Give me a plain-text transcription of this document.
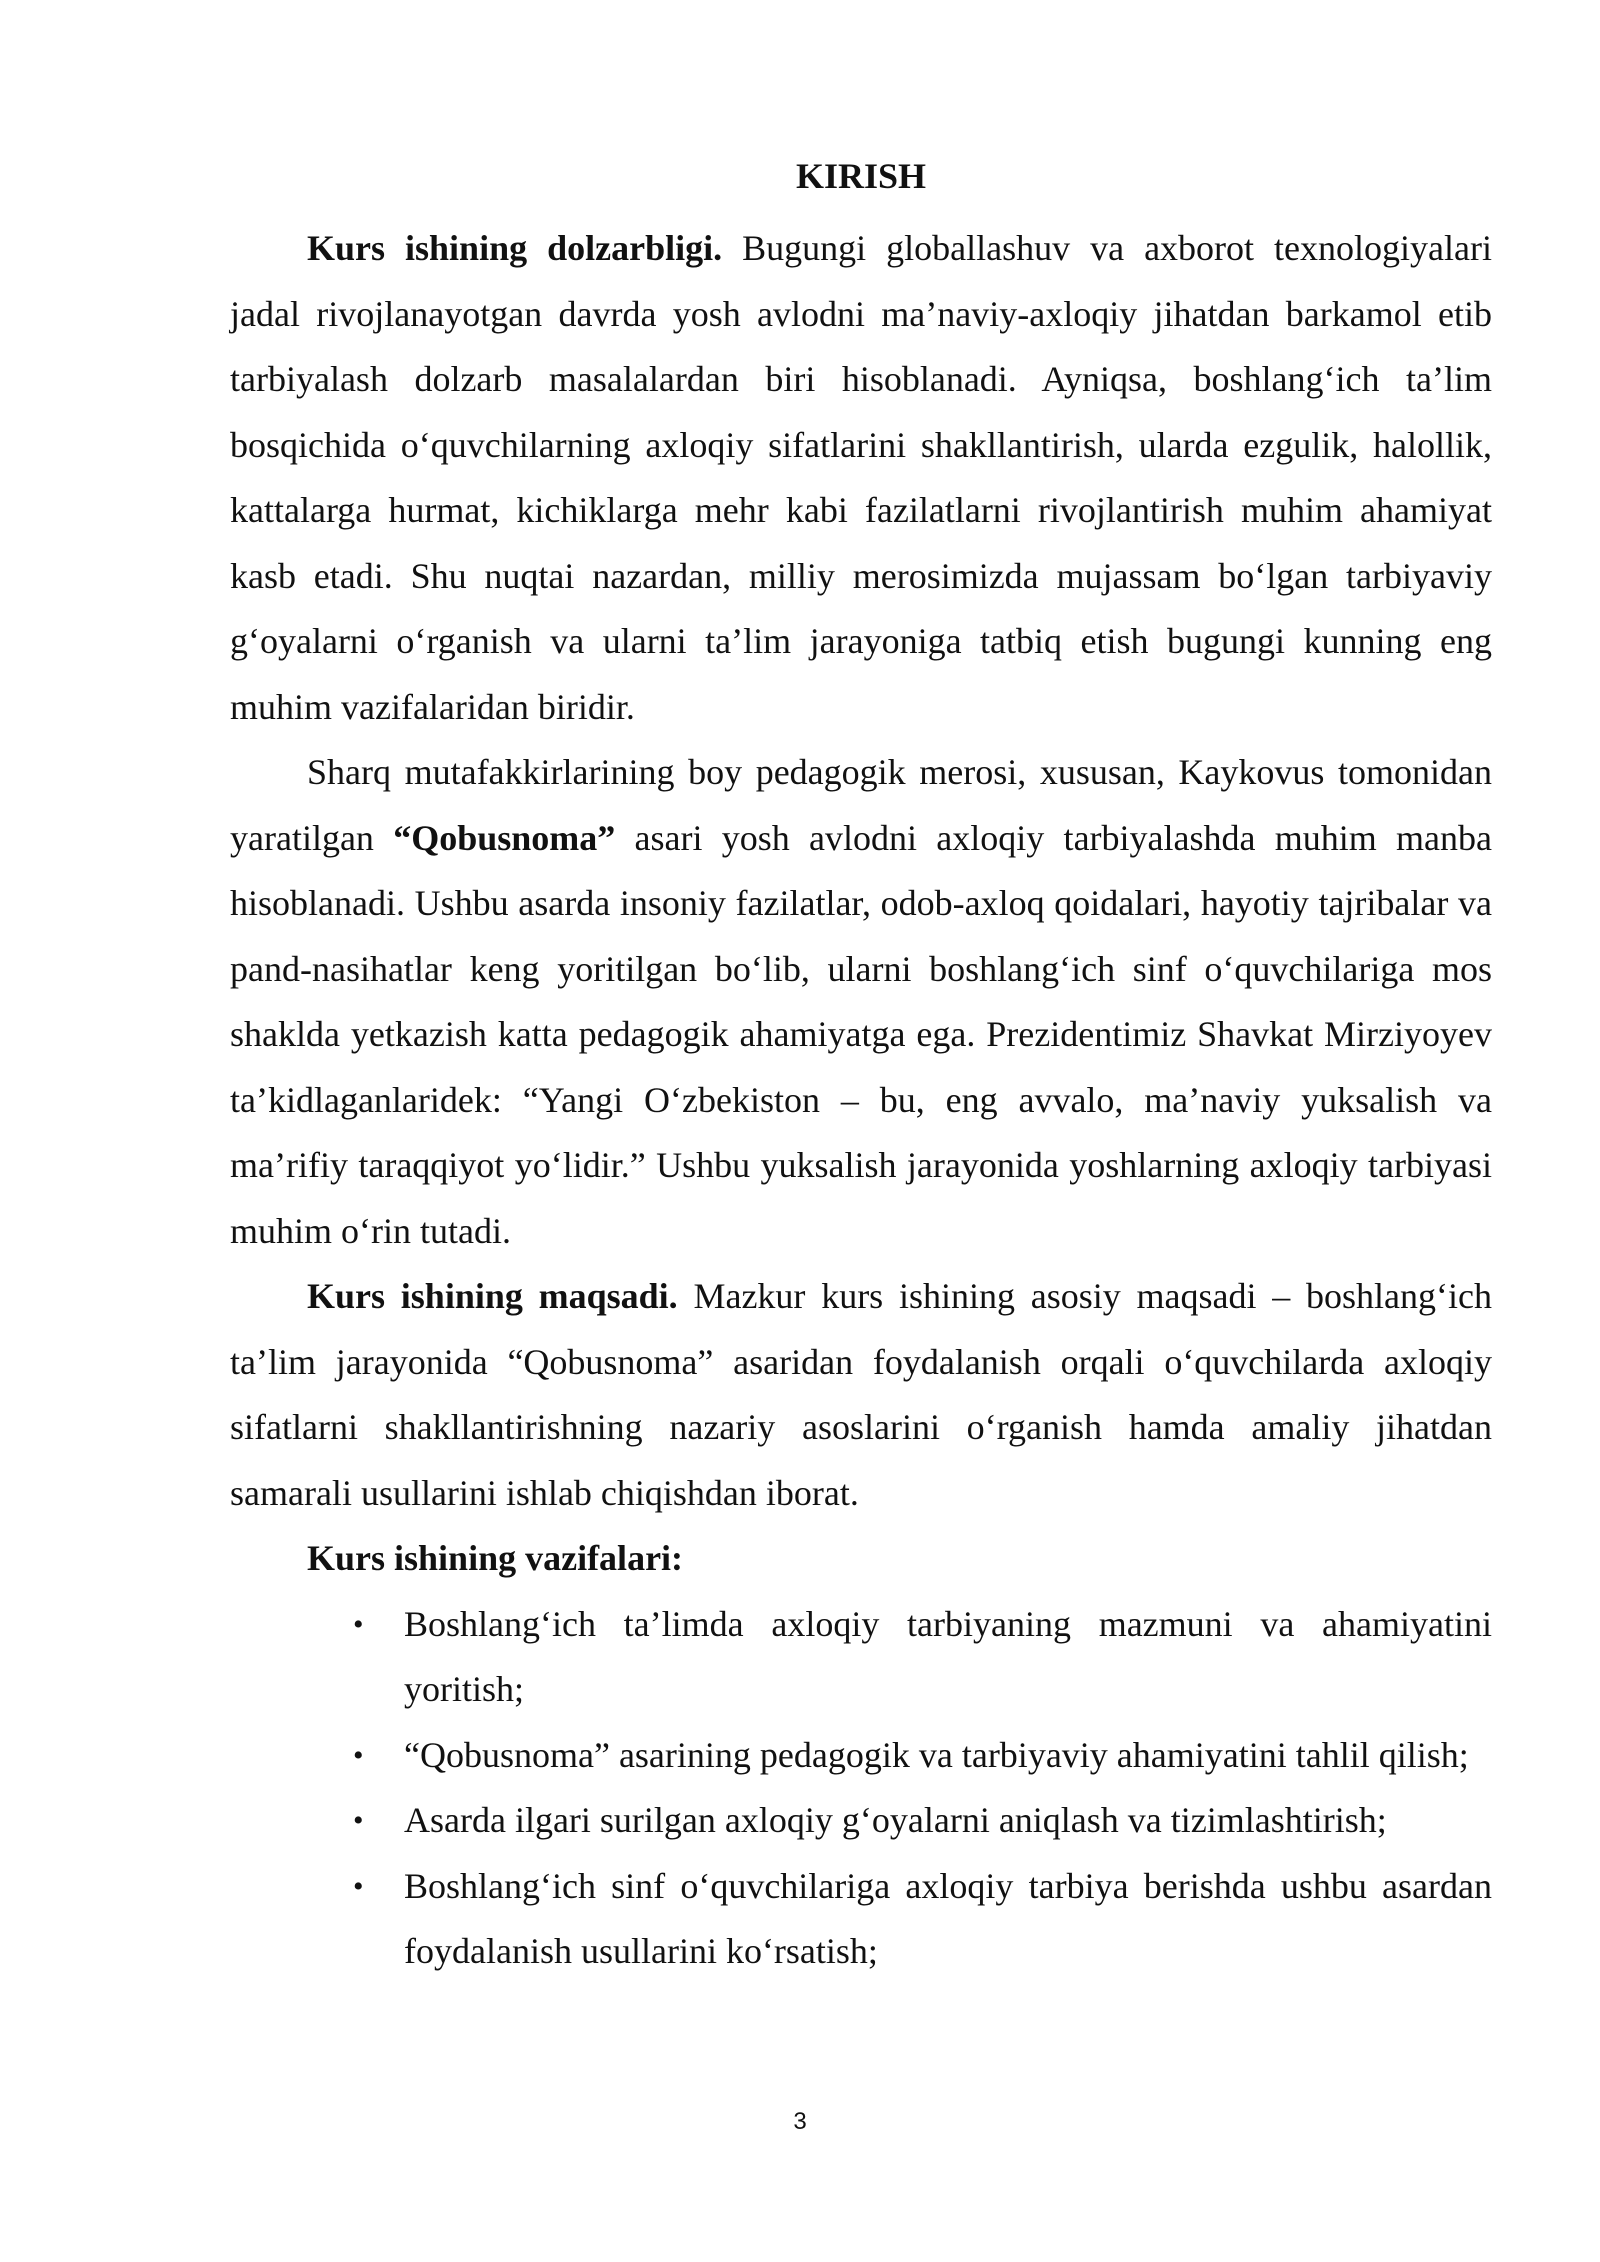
KIRISH

Kurs ishining dolzarbligi. Bugungi globallashuv va axborot texnologiyalari jadal rivojlanayotgan davrda yosh avlodni ma’naviy-axloqiy jihatdan barkamol etib tarbiyalash dolzarb masalalardan biri hisoblanadi. Ayniqsa, boshlang‘ich ta’lim bosqichida o‘quvchilarning axloqiy sifatlarini shakllantirish, ularda ezgulik, halollik, kattalarga hurmat, kichiklarga mehr kabi fazilatlarni rivojlantirish muhim ahamiyat kasb etadi. Shu nuqtai nazardan, milliy merosimizda mujassam bo‘lgan tarbiyaviy g‘oyalarni o‘rganish va ularni ta’lim jarayoniga tatbiq etish bugungi kunning eng muhim vazifalaridan biridir.

Sharq mutafakkirlarining boy pedagogik merosi, xususan, Kaykovus tomonidan yaratilgan “Qobusnoma” asari yosh avlodni axloqiy tarbiyalashda muhim manba hisoblanadi. Ushbu asarda insoniy fazilatlar, odob-axloq qoidalari, hayotiy tajribalar va pand-nasihatlar keng yoritilgan bo‘lib, ularni boshlang‘ich sinf o‘quvchilariga mos shaklda yetkazish katta pedagogik ahamiyatga ega. Prezidentimiz Shavkat Mirziyoyev ta’kidlaganlaridek: “Yangi O‘zbekiston – bu, eng avvalo, ma’naviy yuksalish va ma’rifiy taraqqiyot yo‘lidir.” Ushbu yuksalish jarayonida yoshlarning axloqiy tarbiyasi muhim o‘rin tutadi.

Kurs ishining maqsadi. Mazkur kurs ishining asosiy maqsadi – boshlang‘ich ta’lim jarayonida “Qobusnoma” asaridan foydalanish orqali o‘quvchilarda axloqiy sifatlarni shakllantirishning nazariy asoslarini o‘rganish hamda amaliy jihatdan samarali usullarini ishlab chiqishdan iborat.

Kurs ishining vazifalari:

• Boshlang‘ich ta’limda axloqiy tarbiyaning mazmuni va ahamiyatini yoritish;
• “Qobusnoma” asarining pedagogik va tarbiyaviy ahamiyatini tahlil qilish;
• Asarda ilgari surilgan axloqiy g‘oyalarni aniqlash va tizimlashtirish;
• Boshlang‘ich sinf o‘quvchilariga axloqiy tarbiya berishda ushbu asardan foydalanish usullarini ko‘rsatish;
3
